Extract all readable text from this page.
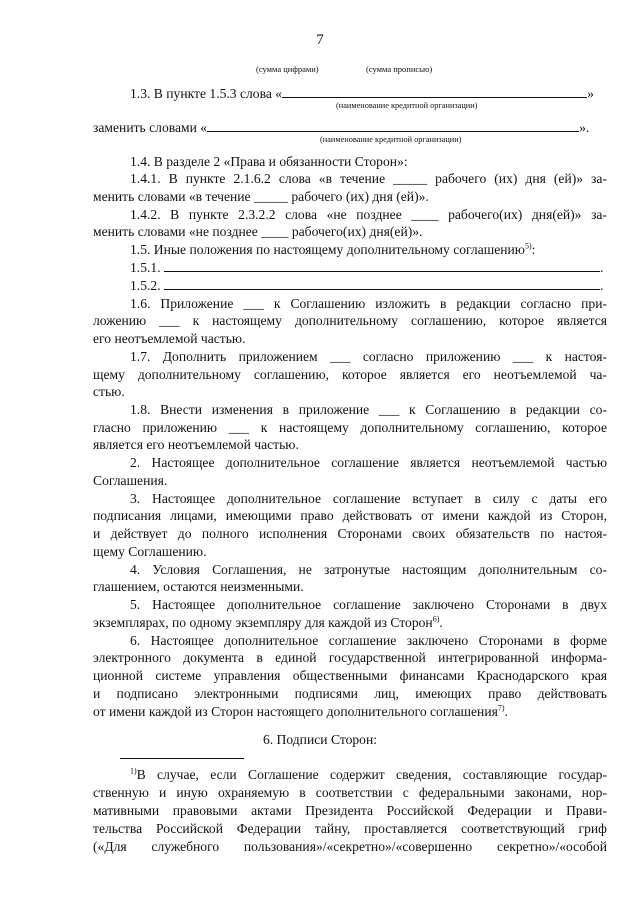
7
(сумма цифрами)	(сумма прописью)
1.3. В пункте 1.5.3 слова «	»
(наименование кредитной организации)
заменить словами «	».
(наименование кредитной организации)
1.4. В разделе 2 «Права и обязанности Сторон»:
1.4.1. В пункте 2.1.6.2 слова «в течение _____ рабочего (их) дня (ей)» за-
менить словами «в течение _____ рабочего (их) дня (ей)».
1.4.2. В пункте 2.3.2.2 слова «не позднее ____ рабочего(их) дня(ей)» за-
менить словами «не позднее ____ рабочего(их) дня(ей)».
1.5. Иные положения по настоящему дополнительному соглашению$^{5)}$:
1.5.1.	.
1.5.2.	.
1.6. Приложение ___ к Соглашению изложить в редакции согласно при-
ложению ___ к настоящему дополнительному соглашению, которое является
его неотъемлемой частью.
1.7. Дополнить приложением ___ согласно приложению ___ к настоя-
щему дополнительному соглашению, которое является его неотъемлемой ча-
стью.
1.8. Внести изменения в приложение ___ к Соглашению в редакции со-
гласно приложению ___ к настоящему дополнительному соглашению, которое
является его неотъемлемой частью.
2. Настоящее дополнительное соглашение является неотъемлемой частью
Соглашения.
3. Настоящее дополнительное соглашение вступает в силу с даты его
подписания лицами, имеющими право действовать от имени каждой из Сторон,
и действует до полного исполнения Сторонами своих обязательств по настоя-
щему Соглашению.
4. Условия Соглашения, не затронутые настоящим дополнительным со-
глашением, остаются неизменными.
5. Настоящее дополнительное соглашение заключено Сторонами в двух
экземплярах, по одному экземпляру для каждой из Сторон$^{6)}$.
6. Настоящее дополнительное соглашение заключено Сторонами в форме
электронного документа в единой государственной интегрированной информа-
ционной системе управления общественными финансами Краснодарского края
и подписано электронными подписями лиц, имеющих право действовать
от имени каждой из Сторон настоящего дополнительного соглашения$^{7)}$.
6. Подписи Сторон:
$^{1)}$В случае, если Соглашение содержит сведения, составляющие государ-
ственную и иную охраняемую в соответствии с федеральными законами, нор-
мативными правовыми актами Президента Российской Федерации и Прави-
тельства Российской Федерации тайну, проставляется соответствующий гриф
(«Для служебного пользования»/«секретно»/«совершенно секретно»/«особой
